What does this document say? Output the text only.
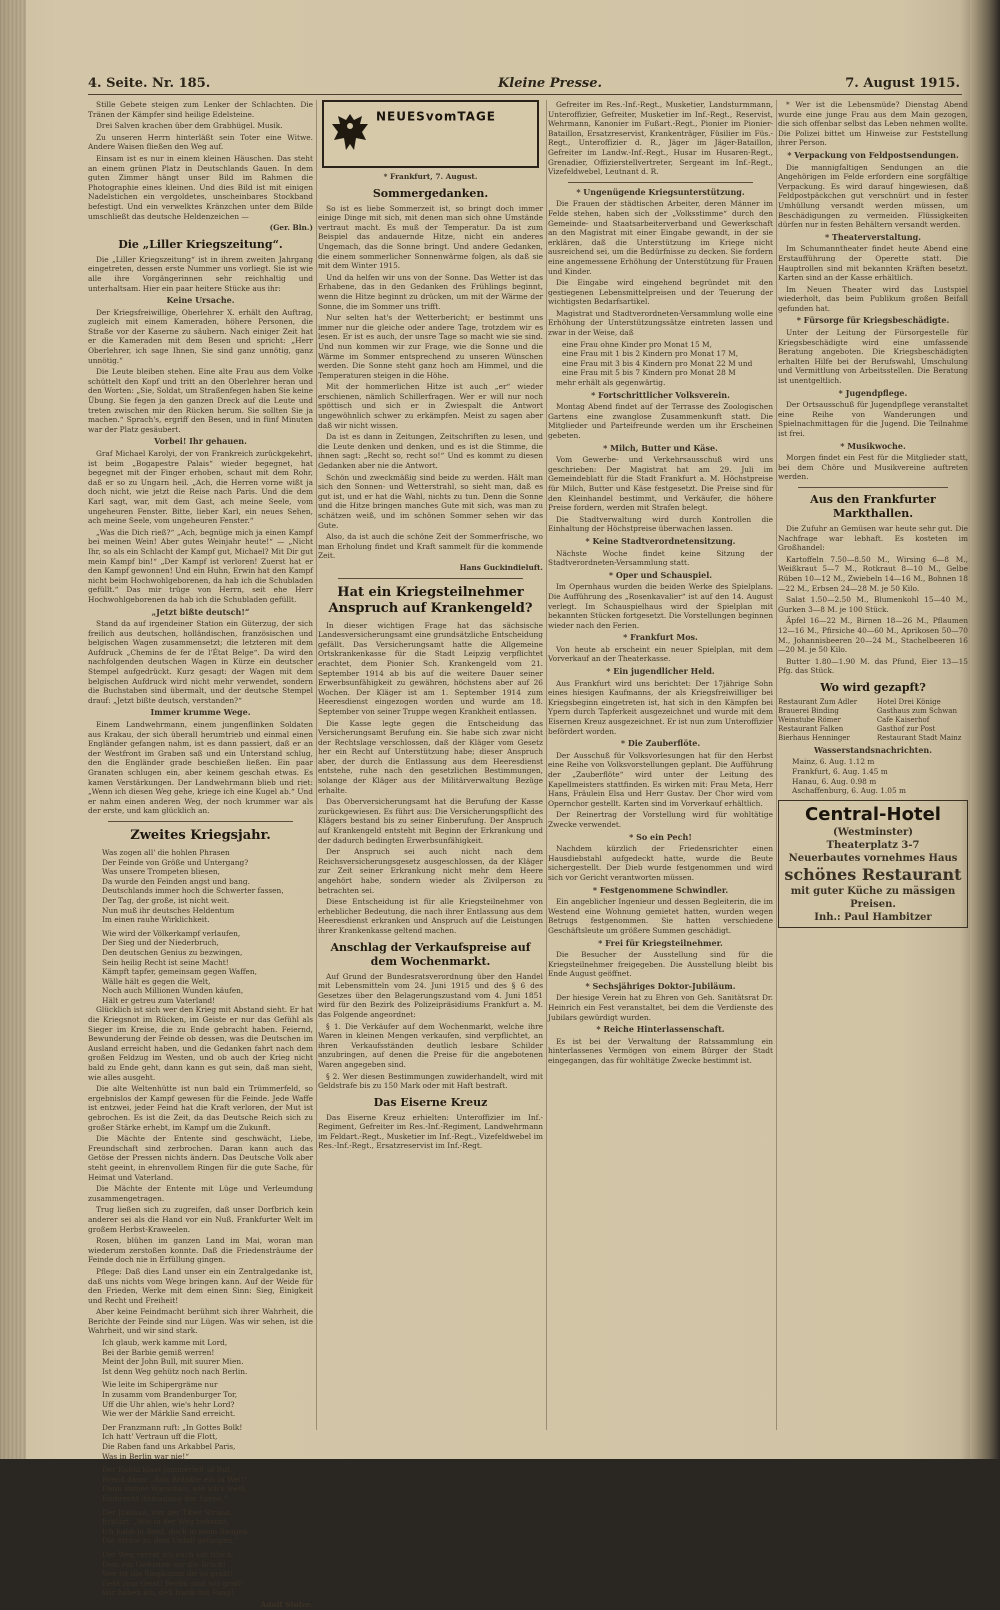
4. Seite. Nr. 185.	Kleine Presse.	7. August 1915.

Stille Gebete steigen zum Lenker der Schlachten. Die Tränen der Kämpfer sind heilige Edelsteine.

Drei Salven krachen über dem Grabhügel. Musik.

Zu unseren Herrn hinterläßt sein Toter eine Witwe. Andere Waisen fließen den Weg auf.

Einsam ist es nur in einem kleinen Häuschen. Das steht an einem grünen Platz in Deutschlands Gauen. In dem guten Zimmer hängt unser Bild im Rahmen die Photographie eines kleinen. Und dies Bild ist mit einigen Nadelstichen ein vergoldetes, unscheinbares Stockband befestigt. Und ein verwelktes Kränzchen unter dem Bilde umschließt das deutsche Heldenzeichen —

(Ger. Bln.)

Die „Liller Kriegszeitung“.

Die „Liller Kriegszeitung“ ist in ihrem zweiten Jahrgang eingetreten, dessen erste Nummer uns vorliegt. Sie ist wie alle ihre Vorgängerinnen sehr reichhaltig und unterhaltsam. Hier ein paar heitere Stücke aus ihr:

Keine Ursache.

Der Kriegsfreiwillige, Oberlehrer X. erhält den Auftrag, zugleich mit einem Kameraden, höhere Personen, die Straße vor der Kaserne zu säubern. Nach einiger Zeit hat er die Kameraden mit dem Besen und spricht: „Herr Oberlehrer, ich sage Ihnen, Sie sind ganz unnötig, ganz unnötig.“

Die Leute bleiben stehen. Eine alte Frau aus dem Volke schüttelt den Kopf und tritt an den Oberlehrer heran und den Worten: „Sie, Soldat, um Straßenfegen haben Sie keine Übung. Sie fegen ja den ganzen Dreck auf die Leute und treten zwischen mir den Rücken herum. Sie sollten Sie ja machen.“ Sprach's, ergriff den Besen, und in fünf Minuten war der Platz gesäubert.

Vorbei! Ihr gehauen.

Graf Michael Karolyi, der von Frankreich zurückgekehrt, ist beim „Bogapestre Palais“ wieder begegnet, hat begegnet mit der Finger erhoben, schaut mit dem Rohr, daß er so zu Ungarn heil. „Ach, die Herren vorne wißt ja doch nicht, wie jetzt die Reise nach Paris. Und die dem Karl sagt, war, mit dem Gast, ach meine Seele, vom ungeheuren Fenster. Bitte, lieber Karl, ein neues Sehen, ach meine Seele, vom ungeheuren Fenster.“

„Was die Dich rieß?“ „Ach, begnüge mich ja einen Kampf bei meinen Wein! Aber gutes Weinjahr heute!“ — „Nicht Ihr, so als ein Schlacht der Kampf gut, Michael? Mit Dir gut mein Kampf bin!“ „Der Kampf ist verloren! Zuerst hat er den Kampf gewonnen! Und ein Huhn, Erwin hat den Kampf nicht beim Hochwohlgeborenen, da hab ich die Schubladen gefüllt.“ Das mir trüge von Herrn, seit ehe Herr Hochwohlgeborenen da hab ich die Schubladen gefüllt.

„Jetzt bißte deutsch!“

Stand da auf irgendeiner Station ein Güterzug, der sich freilich aus deutschen, holländischen, französischen und belgischen Wagen zusammensetzt; die letzteren mit dem Aufdruck „Chemins de fer de l'État Belge“. Da wird den nachfolgenden deutschen Wagen in Kürze ein deutscher Stempel aufgedrückt. Kurz gesagt: der Wagen mit dem belgischen Aufdruck wird nicht mehr verwendet, sondern die Buchstaben sind übermalt, und der deutsche Stempel drauf: „Jetzt bißte deutsch, verstanden?“

Immer krumme Wege.

Einem Landwehrmann, einem jungenflinken Soldaten aus Krakau, der sich überall herumtrieb und einmal einen Engländer gefangen nahm, ist es dann passiert, daß er an der Westfront im Graben saß und ein Unterstand schlug, den die Engländer grade beschießen ließen. Ein paar Granaten schlugen ein, aber keinem geschah etwas. Es kamen Verstärkungen. Der Landwehrmann blieb und riet: „Wenn ich diesen Weg gehe, kriege ich eine Kugel ab.“ Und er nahm einen anderen Weg, der noch krummer war als der erste, und kam glücklich an.

Zweites Kriegsjahr.

Was zogen all' die hohlen Phrasen

Der Feinde von Größe und Untergang?

Was unsere Trompeten bliesen,

Da wurde den Feinden angst und bang.

Deutschlands immer hoch die Schwerter fassen,

Der Tag, der große, ist nicht weit.

Nun muß ihr deutsches Heldentum

Im einen rauhe Wirklichkeit.

Wie wird der Völkerkampf verlaufen,

Der Sieg und der Niederbruch,

Den deutschen Genius zu bezwingen,

Sein heilig Recht ist seine Macht!

Kämpft tapfer, gemeinsam gegen Waffen,

Wälle hält es gegen die Welt,

Noch auch Millionen Wunden käufen,

Hält er getreu zum Vaterland!

Glücklich ist sich wer den Krieg mit Abstand sieht. Er hat die Kriegsnot im Rücken, im Geiste er nur das Gefühl als Sieger im Kreise, die zu Ende gebracht haben. Feiernd, Bewunderung der Feinde ob dessen, was die Deutschen im Ausland erreicht haben, und die Gedanken fahrt nach dem großen Feldzug im Westen, und ob auch der Krieg nicht bald zu Ende geht, dann kann es gut sein, daß man sieht, wie alles ausgeht.

Die alte Weltenhütte ist nun bald ein Trümmerfeld, so ergebnislos der Kampf gewesen für die Feinde. Jede Waffe ist entzwei, jeder Feind hat die Kraft verloren, der Mut ist gebrochen. Es ist die Zeit, da das Deutsche Reich sich zu großer Stärke erhebt, im Kampf um die Zukunft.

Die Mächte der Entente sind geschwächt, Liebe, Freundschaft sind zerbrochen. Daran kann auch das Getöse der Pressen nichts ändern. Das Deutsche Volk aber steht geeint, in ehrenvollem Ringen für die gute Sache, für Heimat und Vaterland.

Die Mächte der Entente mit Lüge und Verleumdung zusammengetragen.

Trug ließen sich zu zugreifen, daß unser Dorfbrich kein anderer sei als die Hand vor ein Nuß. Frankfurter Welt im großem Herbst-Kraweelen.

Rosen, blühen im ganzen Land im Mai, woran man wiederum zerstoßen konnte. Daß die Friedensträume der Feinde doch nie in Erfüllung gingen.

Pflege: Daß dies Land unser ein ein Zentralgedanke ist, daß uns nichts vom Wege bringen kann. Auf der Weide für den Frieden, Werke mit dem einen Sinn: Sieg, Einigkeit und Recht und Freiheit!

Aber keine Feindmacht berühmt sich ihrer Wahrheit, die Berichte der Feinde sind nur Lügen. Was wir sehen, ist die Wahrheit, und wir sind stark.

Ich glaub, werk kamme mit Lord,

Bei der Barbie gemiß werren!

Meint der John Bull, mit suurer Mien.

Ist denn Weg gehütz noch nach Berlin.

Wie leite im Schipergräme nur

In zusamm vom Brandenburger Tor,

Uff die Uhr ahlen, wie's hehr Lord?

Wie wer der Märklie Sand erreicht.

Der Franzmann ruft: „In Gottes Bolk!

Ich hatt' Vertraun uff die Flott,

Die Raben fand uns Arkabbel Paris,

Was in Berlin war nie!“

Der Kußki klaat jammerfelt uf Rut,

Brend dann: „Bon Bränkte ein in Wei!“

Dann immer Warschau, wie ich's weiß,

Einbrecht Anmagung der Spree.“

Der Jtaliaan, von der Tiber Strand,

Erklärt: „Wie in der Weg bekannt,

Ich habb ju Bent, doch in mein Sangen

Die Sträte zu dem Unfall gefangen.“

Der Weg verrat ich euch vor frisch,

Dem ein Gewisten vor die Bräck!

Wer ist die Siegkumm dir so grakt!

Geht zum Geist! Berlin sind wir groß!

Wir haben ich, dell frank mit Fang!

Adolf Stolze.

NEUESvomTAGE

* Frankfurt, 7. August.

Sommergedanken.

So ist es liebe Sommerzeit ist, so bringt doch immer einige Dinge mit sich, mit denen man sich ohne Umstände vertraut macht. Es muß der Temperatur. Da ist zum Beispiel das andauernde Hitze, nicht ein anderes Ungemach, das die Sonne bringt. Und andere Gedanken, die einem sommerlicher Sonnenwärme folgen, als daß sie mit dem Winter 1915.

Und da helfen wir uns von der Sonne. Das Wetter ist das Erhabene, das in den Gedanken des Frühlings beginnt, wenn die Hitze beginnt zu drücken, um mit der Wärme der Sonne, die im Sommer uns trifft.

Nur selten hat's der Wetterbericht; er bestimmt uns immer nur die gleiche oder andere Tage, trotzdem wir es lesen. Er ist es auch, der unsre Tage so macht wie sie sind. Und nun kommen wir zur Frage, wie die Sonne und die Wärme im Sommer entsprechend zu unseren Wünschen werden. Die Sonne steht ganz hoch am Himmel, und die Temperaturen steigen in die Höhe.

Mit der hommerlichen Hitze ist auch „er“ wieder erschienen, nämlich Schillerfragen. Wer er will nur noch spöttisch und sich er in Zwiespalt die Antwort ungewöhnlich schwer zu erkämpfen. Meist zu sagen aber daß wir nicht wissen.

Da ist es dann in Zeitungen, Zeitschriften zu lesen, und die Leute denken und denken, und es ist die Stimme, die ihnen sagt: „Recht so, recht so!“ Und es kommt zu diesen Gedanken aber nie die Antwort.

Schön und zweckmäßig sind beide zu werden. Hält man sich den Sonnen- und Wetterstrahl, so sieht man, daß es gut ist, und er hat die Wahl, nichts zu tun. Denn die Sonne und die Hitze bringen manches Gute mit sich, was man zu schätzen weiß, und im schönen Sommer sehen wir das Gute.

Also, da ist auch die schöne Zeit der Sommerfrische, wo man Erholung findet und Kraft sammelt für die kommende Zeit.

Hans Guckindieluft.

Hat ein Kriegsteilnehmer Anspruch auf Krankengeld?

In dieser wichtigen Frage hat das sächsische Landesversicherungsamt eine grundsätzliche Entscheidung gefällt. Das Versicherungsamt hatte die Allgemeine Ortskrankenkasse für die Stadt Leipzig verpflichtet erachtet, dem Pionier Sch. Krankengeld vom 21. September 1914 ab bis auf die weitere Dauer seiner Erwerbsunfähigkeit zu gewähren, höchstens aber auf 26 Wochen. Der Kläger ist am 1. September 1914 zum Heeresdienst eingezogen worden und wurde am 18. September von seiner Truppe wegen Krankheit entlassen.

Die Kasse legte gegen die Entscheidung das Versicherungsamt Berufung ein. Sie habe sich zwar nicht der Rechtslage verschlossen, daß der Kläger vom Gesetz her ein Recht auf Unterstützung habe; dieser Anspruch aber, der durch die Entlassung aus dem Heeresdienst entstehe, ruhe nach den gesetzlichen Bestimmungen, solange der Kläger aus der Militärverwaltung Bezüge erhalte.

Das Oberversicherungsamt hat die Berufung der Kasse zurückgewiesen. Es führt aus: Die Versicherungspflicht des Klägers bestand bis zu seiner Einberufung. Der Anspruch auf Krankengeld entsteht mit Beginn der Erkrankung und der dadurch bedingten Erwerbsunfähigkeit.

Der Anspruch sei auch nicht nach dem Reichsversicherungsgesetz ausgeschlossen, da der Kläger zur Zeit seiner Erkrankung nicht mehr dem Heere angehört habe, sondern wieder als Zivilperson zu betrachten sei.

Diese Entscheidung ist für alle Kriegsteilnehmer von erheblicher Bedeutung, die nach ihrer Entlassung aus dem Heeresdienst erkranken und Anspruch auf die Leistungen ihrer Krankenkasse geltend machen.

Anschlag der Verkaufspreise auf dem Wochenmarkt.

Auf Grund der Bundesratsverordnung über den Handel mit Lebensmitteln vom 24. Juni 1915 und des § 6 des Gesetzes über den Belagerungszustand vom 4. Juni 1851 wird für den Bezirk des Polizeipräsidiums Frankfurt a. M. das Folgende angeordnet:

§ 1. Die Verkäufer auf dem Wochenmarkt, welche ihre Waren in kleinen Mengen verkaufen, sind verpflichtet, an ihren Verkaufsständen deutlich lesbare Schilder anzubringen, auf denen die Preise für die angebotenen Waren angegeben sind.

§ 2. Wer diesen Bestimmungen zuwiderhandelt, wird mit Geldstrafe bis zu 150 Mark oder mit Haft bestraft.

Das Eiserne Kreuz

Das Eiserne Kreuz erhielten: Unteroffizier im Inf.-Regiment, Gefreiter im Res.-Inf.-Regiment, Landwehrmann im Feldart.-Regt., Musketier im Inf.-Regt., Vizefeldwebel im Res.-Inf.-Regt., Ersatzreservist im Inf.-Regt.

Gefreiter im Res.-Inf.-Regt., Musketier, Landsturmmann, Unteroffizier, Gefreiter, Musketier im Inf.-Regt., Reservist, Wehrmann, Kanonier im Fußart.-Regt., Pionier im Pionier-Bataillon, Ersatzreservist, Krankenträger, Füsilier im Füs.-Regt., Unteroffizier d. R., Jäger im Jäger-Bataillon, Gefreiter im Landw.-Inf.-Regt., Husar im Husaren-Regt., Grenadier, Offizierstellvertreter, Sergeant im Inf.-Regt., Vizefeldwebel, Leutnant d. R.

* Ungenügende Kriegsunterstützung.

Die Frauen der städtischen Arbeiter, deren Männer im Felde stehen, haben sich der „Volksstimme“ durch den Gemeinde- und Staatsarbeiterverband und Gewerkschaft an den Magistrat mit einer Eingabe gewandt, in der sie erklären, daß die Unterstützung im Kriege nicht ausreichend sei, um die Bedürfnisse zu decken. Sie fordern eine angemessene Erhöhung der Unterstützung für Frauen und Kinder.

Die Eingabe wird eingehend begründet mit den gestiegenen Lebensmittelpreisen und der Teuerung der wichtigsten Bedarfsartikel.

Magistrat und Stadtverordneten-Versammlung wolle eine Erhöhung der Unterstützungssätze eintreten lassen und zwar in der Weise, daß

eine Frau ohne Kinder pro Monat 15 M,

eine Frau mit 1 bis 2 Kindern pro Monat 17 M,

eine Frau mit 3 bis 4 Kindern pro Monat 22 M und

eine Frau mit 5 bis 7 Kindern pro Monat 28 M

mehr erhält als gegenwärtig.

* Fortschrittlicher Volksverein.

Montag Abend findet auf der Terrasse des Zoologischen Gartens eine zwanglose Zusammenkunft statt. Die Mitglieder und Parteifreunde werden um ihr Erscheinen gebeten.

* Milch, Butter und Käse.

Vom Gewerbe- und Verkehrsausschuß wird uns geschrieben: Der Magistrat hat am 29. Juli im Gemeindeblatt für die Stadt Frankfurt a. M. Höchstpreise für Milch, Butter und Käse festgesetzt. Die Preise sind für den Kleinhandel bestimmt, und Verkäufer, die höhere Preise fordern, werden mit Strafen belegt.

Die Stadtverwaltung wird durch Kontrollen die Einhaltung der Höchstpreise überwachen lassen.

* Keine Stadtverordnetensitzung.

Nächste Woche findet keine Sitzung der Stadtverordneten-Versammlung statt.

* Oper und Schauspiel.

Im Opernhaus wurden die beiden Werke des Spielplans. Die Aufführung des „Rosenkavalier“ ist auf den 14. August verlegt. Im Schauspielhaus wird der Spielplan mit bekannten Stücken fortgesetzt. Die Vorstellungen beginnen wieder nach den Ferien.

* Frankfurt Mos.

Von heute ab erscheint ein neuer Spielplan, mit dem Vorverkauf an der Theaterkasse.

* Ein jugendlicher Held.

Aus Frankfurt wird uns berichtet: Der 17jährige Sohn eines hiesigen Kaufmanns, der als Kriegsfreiwilliger bei Kriegsbeginn eingetreten ist, hat sich in den Kämpfen bei Ypern durch Tapferkeit ausgezeichnet und wurde mit dem Eisernen Kreuz ausgezeichnet. Er ist nun zum Unteroffizier befördert worden.

* Die Zauberflöte.

Der Ausschuß für Volksvorlesungen hat für den Herbst eine Reihe von Volksvorstellungen geplant. Die Aufführung der „Zauberflöte“ wird unter der Leitung des Kapellmeisters stattfinden. Es wirken mit: Frau Meta, Herr Hans, Fräulein Elsa und Herr Gustav. Der Chor wird vom Opernchor gestellt. Karten sind im Vorverkauf erhältlich.

Der Reinertrag der Vorstellung wird für wohltätige Zwecke verwendet.

* So ein Pech!

Nachdem kürzlich der Friedensrichter einen Hausdiebstahl aufgedeckt hatte, wurde die Beute sichergestellt. Der Dieb wurde festgenommen und wird sich vor Gericht verantworten müssen.

* Festgenommene Schwindler.

Ein angeblicher Ingenieur und dessen Begleiterin, die im Westend eine Wohnung gemietet hatten, wurden wegen Betrugs festgenommen. Sie hatten verschiedene Geschäftsleute um größere Summen geschädigt.

* Frei für Kriegsteilnehmer.

Die Besucher der Ausstellung sind für die Kriegsteilnehmer freigegeben. Die Ausstellung bleibt bis Ende August geöffnet.

* Sechsjähriges Doktor-Jubiläum.

Der hiesige Verein hat zu Ehren von Geh. Sanitätsrat Dr. Heinrich ein Fest veranstaltet, bei dem die Verdienste des Jubilars gewürdigt wurden.

* Reiche Hinterlassenschaft.

Es ist bei der Verwaltung der Ratssammlung ein hinterlassenes Vermögen von einem Bürger der Stadt eingegangen, das für wohltätige Zwecke bestimmt ist.

* Wer ist die Lebensmüde? Dienstag Abend wurde eine junge Frau aus dem Main gezogen, die sich offenbar selbst das Leben nehmen wollte. Die Polizei bittet um Hinweise zur Feststellung ihrer Person.

* Verpackung von Feldpostsendungen.

Die mannigfaltigen Sendungen an die Angehörigen im Felde erfordern eine sorgfältige Verpackung. Es wird darauf hingewiesen, daß Feldpostpäckchen gut verschnürt und in fester Umhüllung versandt werden müssen, um Beschädigungen zu vermeiden. Flüssigkeiten dürfen nur in festen Behältern versandt werden.

* Theaterverstaltung.

Im Schumanntheater findet heute Abend eine Erstaufführung der Operette statt. Die Hauptrollen sind mit bekannten Kräften besetzt. Karten sind an der Kasse erhältlich.

Im Neuen Theater wird das Lustspiel wiederholt, das beim Publikum großen Beifall gefunden hat.

* Fürsorge für Kriegsbeschädigte.

Unter der Leitung der Fürsorgestelle für Kriegsbeschädigte wird eine umfassende Beratung angeboten. Die Kriegsbeschädigten erhalten Hilfe bei der Berufswahl, Umschulung und Vermittlung von Arbeitsstellen. Die Beratung ist unentgeltlich.

* Jugendpflege.

Der Ortsausschuß für Jugendpflege veranstaltet eine Reihe von Wanderungen und Spielnachmittagen für die Jugend. Die Teilnahme ist frei.

* Musikwoche.

Morgen findet ein Fest für die Mitglieder statt, bei dem Chöre und Musikvereine auftreten werden.

Aus den Frankfurter Markthallen.

Die Zufuhr an Gemüsen war heute sehr gut. Die Nachfrage war lebhaft. Es kosteten im Großhandel:

Kartoffeln 7.50—8.50 M., Wirsing 6—8 M., Weißkraut 5—7 M., Rotkraut 8—10 M., Gelbe Rüben 10—12 M., Zwiebeln 14—16 M., Bohnen 18—22 M., Erbsen 24—28 M. je 50 Kilo.

Salat 1.50—2.50 M., Blumenkohl 15—40 M., Gurken 3—8 M. je 100 Stück.

Äpfel 16—22 M., Birnen 18—26 M., Pflaumen 12—16 M., Pfirsiche 40—60 M., Aprikosen 50—70 M., Johannisbeeren 20—24 M., Stachelbeeren 16—20 M. je 50 Kilo.

Butter 1.80—1.90 M. das Pfund, Eier 13—15 Pfg. das Stück.

Wo wird gezapft?
Restaurant Zum Adler
Brauerei Binding
Weinstube Römer
Restaurant Falken
Bierhaus Henninger
Hotel Drei Könige
Gasthaus zum Schwan
Cafe Kaiserhof
Gasthof zur Post
Restaurant Stadt Mainz
Wasserstandsnachrichten.

Mainz, 6. Aug. 1.12 m

Frankfurt, 6. Aug. 1.45 m

Hanau, 6. Aug. 0.98 m

Aschaffenburg, 6. Aug. 1.05 m

Central-Hotel
(Westminster)
Theaterplatz 3-7
Neuerbautes vornehmes Haus
schönes Restaurant
mit guter Küche zu mässigen Preisen.
Inh.: Paul Hambitzer
